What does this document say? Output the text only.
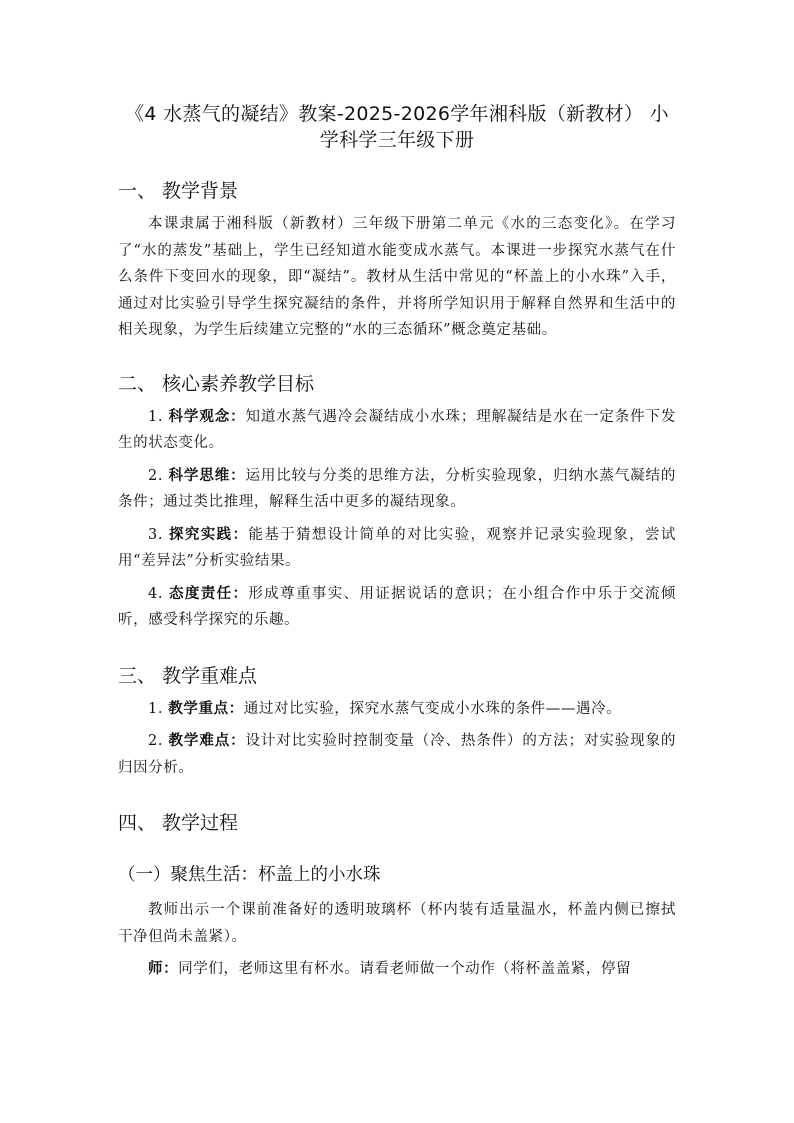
《4 水蒸气的凝结》教案-2025-2026学年湘科版（新教材） 小学科学三年级下册
一、 教学背景

本课隶属于湘科版（新教材）三年级下册第二单元《水的三态变化》。在学习了“水的蒸发”基础上，学生已经知道水能变成水蒸气。本课进一步探究水蒸气在什么条件下变回水的现象，即“凝结”。教材从生活中常见的“杯盖上的小水珠”入手，通过对比实验引导学生探究凝结的条件，并将所学知识用于解释自然界和生活中的相关现象，为学生后续建立完整的“水的三态循环”概念奠定基础。

二、 核心素养教学目标

1. 科学观念：知道水蒸气遇冷会凝结成小水珠；理解凝结是水在一定条件下发生的状态变化。

2. 科学思维：运用比较与分类的思维方法，分析实验现象，归纳水蒸气凝结的条件；通过类比推理，解释生活中更多的凝结现象。

3. 探究实践：能基于猜想设计简单的对比实验，观察并记录实验现象，尝试用“差异法”分析实验结果。

4. 态度责任：形成尊重事实、用证据说话的意识；在小组合作中乐于交流倾听，感受科学探究的乐趣。

三、 教学重难点

1. 教学重点：通过对比实验，探究水蒸气变成小水珠的条件——遇冷。

2. 教学难点：设计对比实验时控制变量（冷、热条件）的方法；对实验现象的归因分析。

四、 教学过程
（一）聚焦生活：杯盖上的小水珠

教师出示一个课前准备好的透明玻璃杯（杯内装有适量温水，杯盖内侧已擦拭干净但尚未盖紧）。

师：同学们，老师这里有杯水。请看老师做一个动作（将杯盖盖紧，停留
